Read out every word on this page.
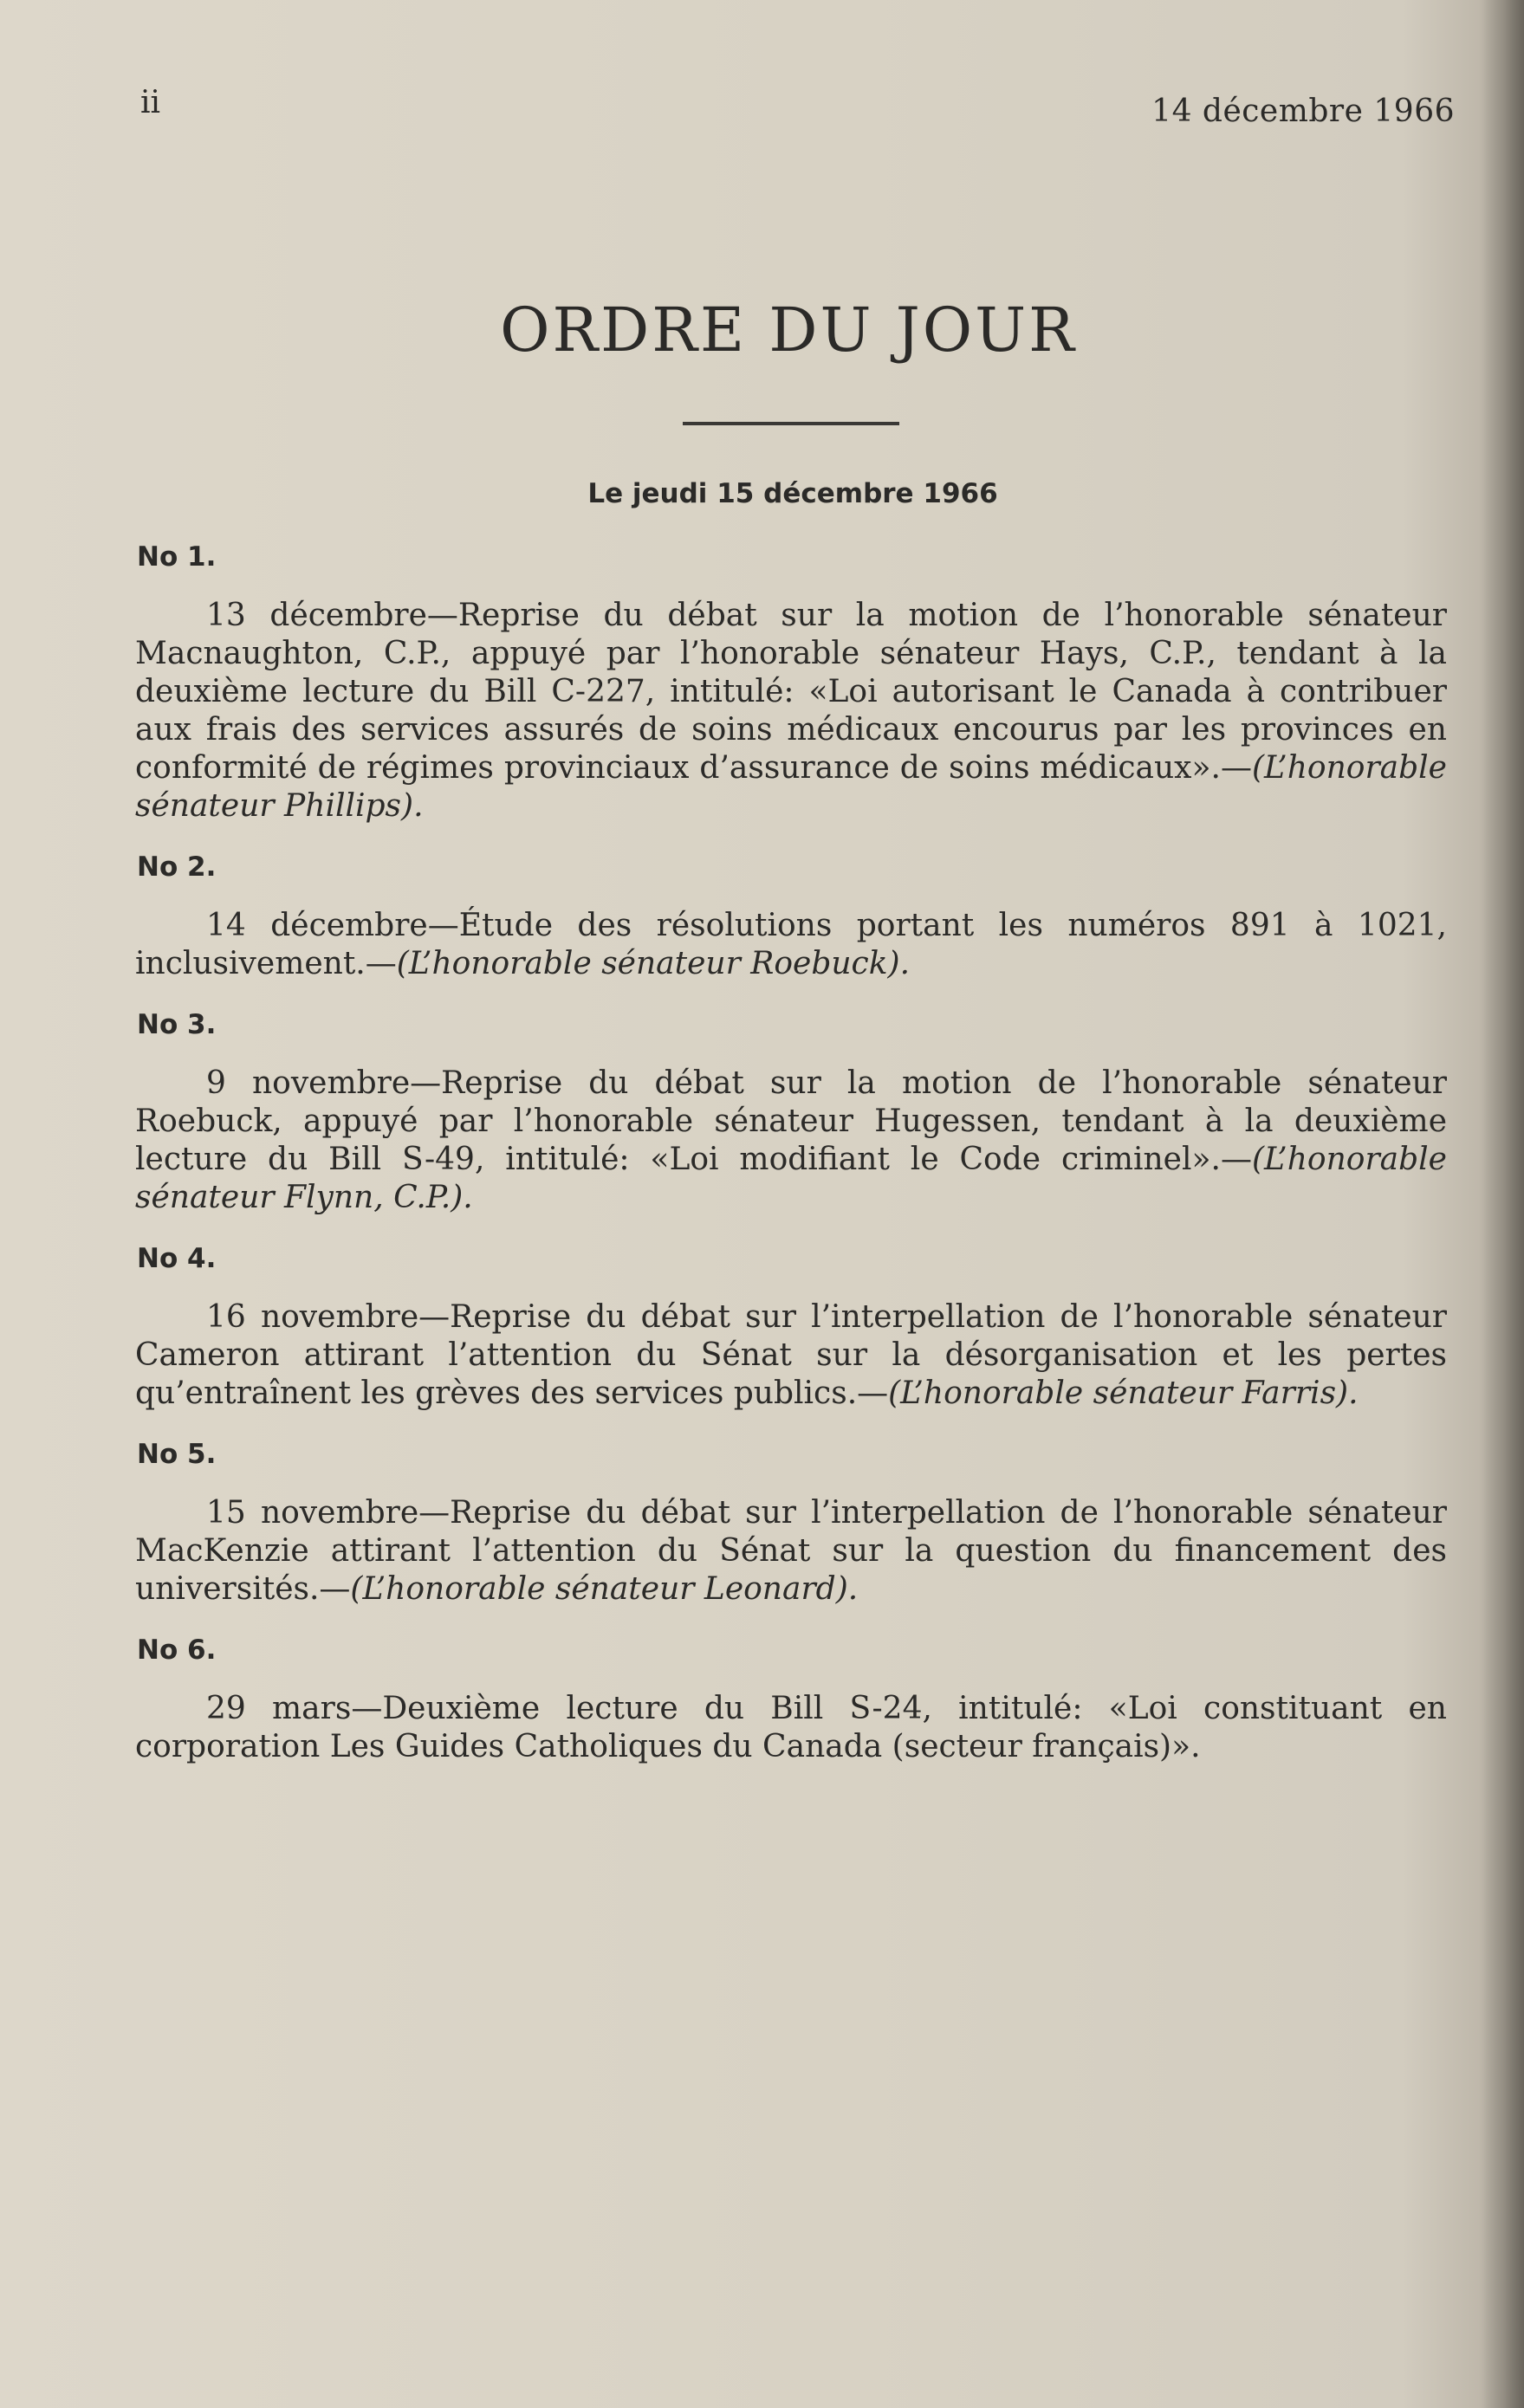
ii	14 décembre 1966
ORDRE DU JOUR
Le jeudi 15 décembre 1966
No 1.

13 décembre—Reprise du débat sur la motion de l’honorable sénateur Macnaughton, C.P., appuyé par l’honorable sénateur Hays, C.P., tendant à la deuxième lecture du Bill C-227, intitulé: «Loi autorisant le Canada à contribuer aux frais des services assurés de soins médicaux encourus par les provinces en conformité de régimes provinciaux d’assurance de soins médicaux».—(L’honorable sénateur Phillips).

No 2.

14 décembre—Étude des résolutions portant les numéros 891 à 1021, inclusivement.—(L’honorable sénateur Roebuck).

No 3.

9 novembre—Reprise du débat sur la motion de l’honorable sénateur Roebuck, appuyé par l’honorable sénateur Hugessen, tendant à la deuxième lecture du Bill S-49, intitulé: «Loi modifiant le Code criminel».—(L’honorable sénateur Flynn, C.P.).

No 4.

16 novembre—Reprise du débat sur l’interpellation de l’honorable sénateur Cameron attirant l’attention du Sénat sur la désorganisation et les pertes qu’entraînent les grèves des services publics.—(L’honorable sénateur Farris).

No 5.

15 novembre—Reprise du débat sur l’interpellation de l’honorable sénateur MacKenzie attirant l’attention du Sénat sur la question du financement des universités.—(L’honorable sénateur Leonard).

No 6.

29 mars—Deuxième lecture du Bill S-24, intitulé: «Loi constituant en corporation Les Guides Catholiques du Canada (secteur français)».
